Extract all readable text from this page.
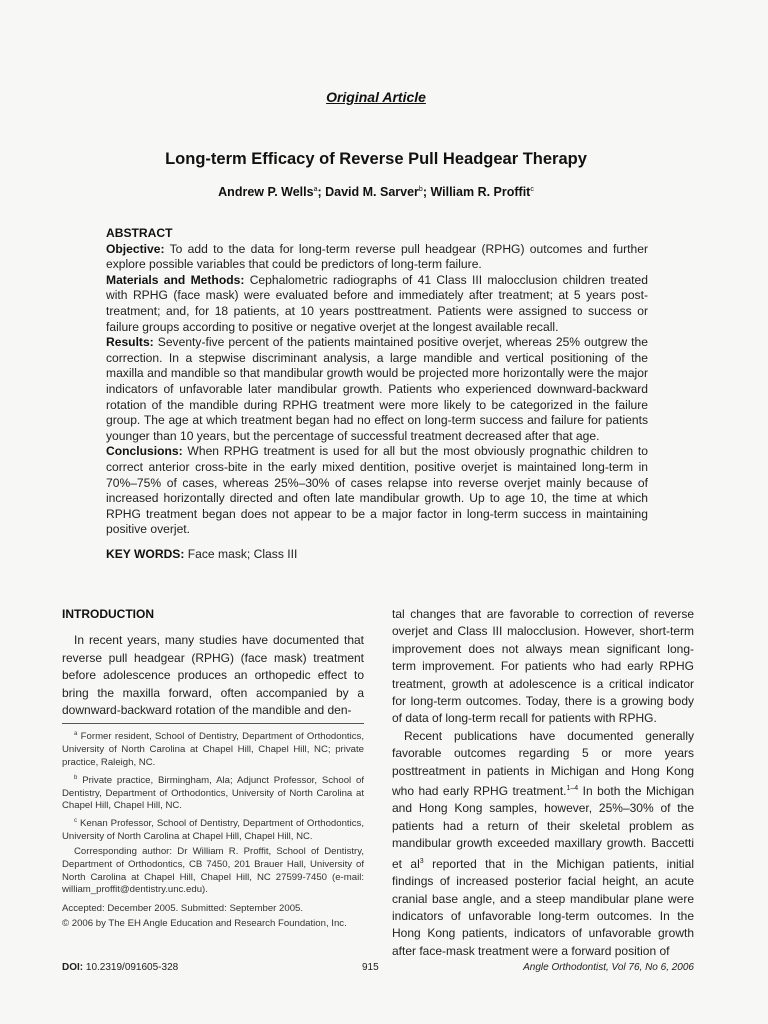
Original Article
Long-term Efficacy of Reverse Pull Headgear Therapy
Andrew P. Wells$^a$; David M. Sarver$^b$; William R. Proffit$^c$
ABSTRACT

Objective: To add to the data for long-term reverse pull headgear (RPHG) outcomes and further explore possible variables that could be predictors of long-term failure.

Materials and Methods: Cephalometric radiographs of 41 Class III malocclusion children treated with RPHG (face mask) were evaluated before and immediately after treatment; at 5 years post-treatment; and, for 18 patients, at 10 years posttreatment. Patients were assigned to success or failure groups according to positive or negative overjet at the longest available recall.

Results: Seventy-five percent of the patients maintained positive overjet, whereas 25% outgrew the correction. In a stepwise discriminant analysis, a large mandible and vertical positioning of the maxilla and mandible so that mandibular growth would be projected more horizontally were the major indicators of unfavorable later mandibular growth. Patients who experienced downward-backward rotation of the mandible during RPHG treatment were more likely to be categorized in the failure group. The age at which treatment began had no effect on long-term success and failure for patients younger than 10 years, but the percentage of successful treatment decreased after that age.

Conclusions: When RPHG treatment is used for all but the most obviously prognathic children to correct anterior cross-bite in the early mixed dentition, positive overjet is maintained long-term in 70%–75% of cases, whereas 25%–30% of cases relapse into reverse overjet mainly because of increased horizontally directed and often late mandibular growth. Up to age 10, the time at which RPHG treatment began does not appear to be a major factor in long-term success in maintaining positive overjet.

KEY WORDS: Face mask; Class III

INTRODUCTION

In recent years, many studies have documented that reverse pull headgear (RPHG) (face mask) treatment before adolescence produces an orthopedic effect to bring the maxilla forward, often accompanied by a downward-backward rotation of the mandible and den-

$^a$ Former resident, School of Dentistry, Department of Orthodontics, University of North Carolina at Chapel Hill, Chapel Hill, NC; private practice, Raleigh, NC.

$^b$ Private practice, Birmingham, Ala; Adjunct Professor, School of Dentistry, Department of Orthodontics, University of North Carolina at Chapel Hill, Chapel Hill, NC.

$^c$ Kenan Professor, School of Dentistry, Department of Orthodontics, University of North Carolina at Chapel Hill, Chapel Hill, NC.

Corresponding author: Dr William R. Proffit, School of Dentistry, Department of Orthodontics, CB 7450, 201 Brauer Hall, University of North Carolina at Chapel Hill, Chapel Hill, NC 27599-7450 (e-mail: william_proffit@dentistry.unc.edu).

Accepted: December 2005. Submitted: September 2005.

© 2006 by The EH Angle Education and Research Foundation, Inc.

tal changes that are favorable to correction of reverse overjet and Class III malocclusion. However, short-term improvement does not always mean significant long-term improvement. For patients who had early RPHG treatment, growth at adolescence is a critical indicator for long-term outcomes. Today, there is a growing body of data of long-term recall for patients with RPHG.

Recent publications have documented generally favorable outcomes regarding 5 or more years posttreatment in patients in Michigan and Hong Kong who had early RPHG treatment.$^{1-4}$ In both the Michigan and Hong Kong samples, however, 25%–30% of the patients had a return of their skeletal problem as mandibular growth exceeded maxillary growth. Baccetti et al$^3$ reported that in the Michigan patients, initial findings of increased posterior facial height, an acute cranial base angle, and a steep mandibular plane were indicators of unfavorable long-term outcomes. In the Hong Kong patients, indicators of unfavorable growth after face-mask treatment were a forward position of

DOI: 10.2319/091605-328	915	Angle Orthodontist, Vol 76, No 6, 2006
